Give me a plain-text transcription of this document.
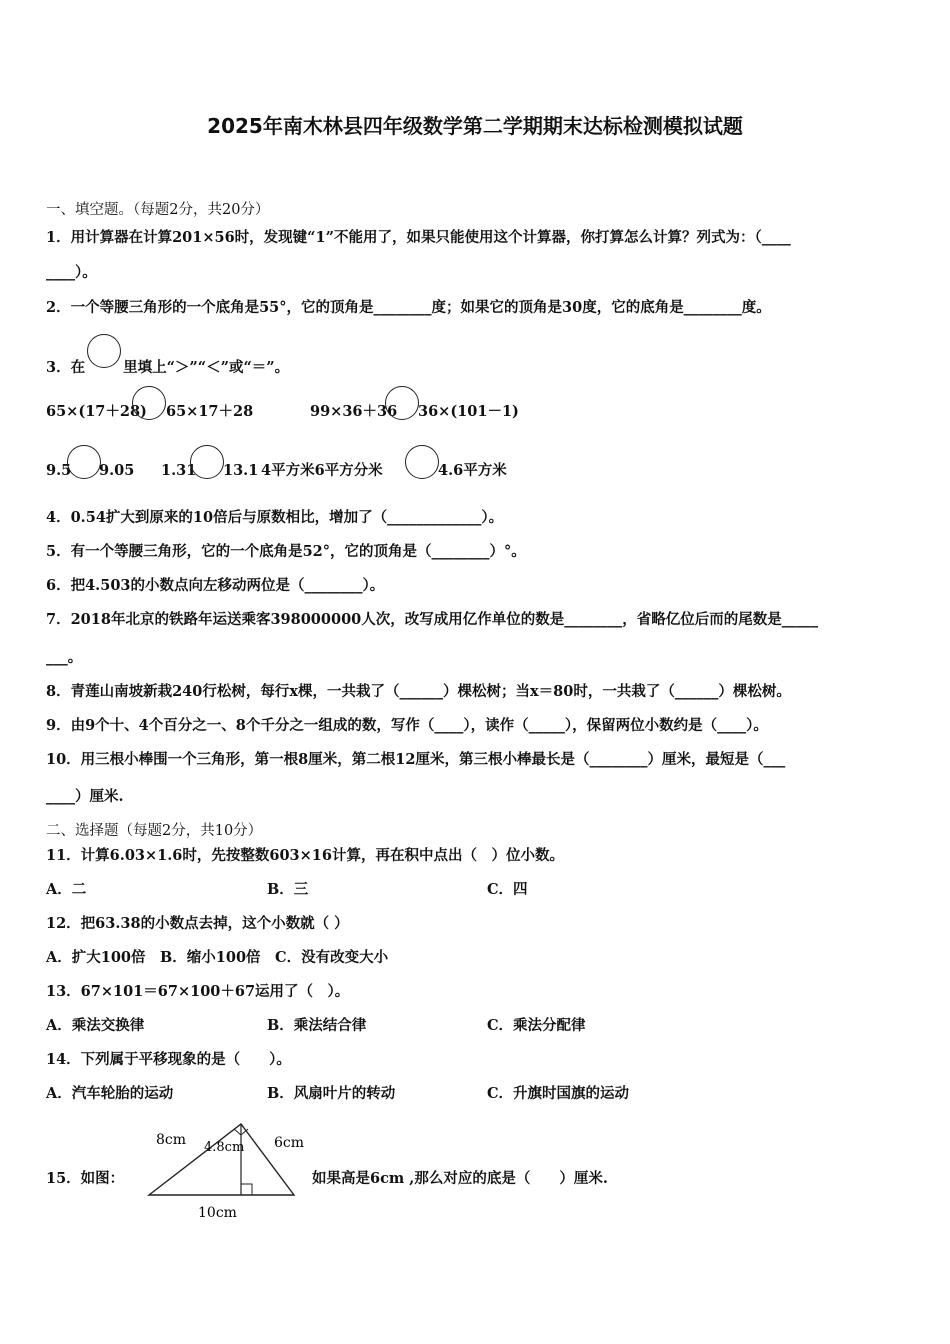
2025年南木林县四年级数学第二学期期末达标检测模拟试题
一、填空题。（每题2分，共20分）
1．用计算器在计算201×56时，发现键“1”不能用了，如果只能使用这个计算器，你打算怎么计算？列式为：（____
____）。
2．一个等腰三角形的一个底角是55°，它的顶角是________度；如果它的顶角是30度，它的底角是________度。
3．在	里填上“＞”“＜”或“＝”。
65×(17＋28) 65×17＋28	99×36＋36 36×(101－1)
9.5 9.05 1.31 13.1 4平方米6平方分米	4.6平方米
4．0.54扩大到原来的10倍后与原数相比，增加了（_____________）。
5．有一个等腰三角形，它的一个底角是52°，它的顶角是（________）°。
6．把4.503的小数点向左移动两位是（________）。
7．2018年北京的铁路年运送乘客398000000人次，改写成用亿作单位的数是________，省略亿位后而的尾数是_____
___。
8．青莲山南坡新栽240行松树，每行x棵，一共栽了（______）棵松树；当x＝80时，一共栽了（______）棵松树。
9．由9个十、4个百分之一、8个千分之一组成的数，写作（____），读作（_____），保留两位小数约是（____）。
10．用三根小棒围一个三角形，第一根8厘米，第二根12厘米，第三根小棒最长是（________）厘米，最短是（___
____）厘米.
二、选择题（每题2分，共10分）
11．计算6.03×1.6时，先按整数603×16计算，再在积中点出（　）位小数。
A．二	B．三	C．四
12．把63.38的小数点去掉，这个小数就（ ）
A．扩大100倍　B．缩小100倍　C．没有改变大小
13．67×101＝67×100＋67运用了（　）。
A．乘法交换律	B．乘法结合律	C．乘法分配律
14．下列属于平移现象的是（　　）。
A．汽车轮胎的运动	B．风扇叶片的转动	C．升旗时国旗的运动
15．如图：
8cm 4.8cm 6cm
10cm
如果高是6cm ,那么对应的底是（　　）厘米.
